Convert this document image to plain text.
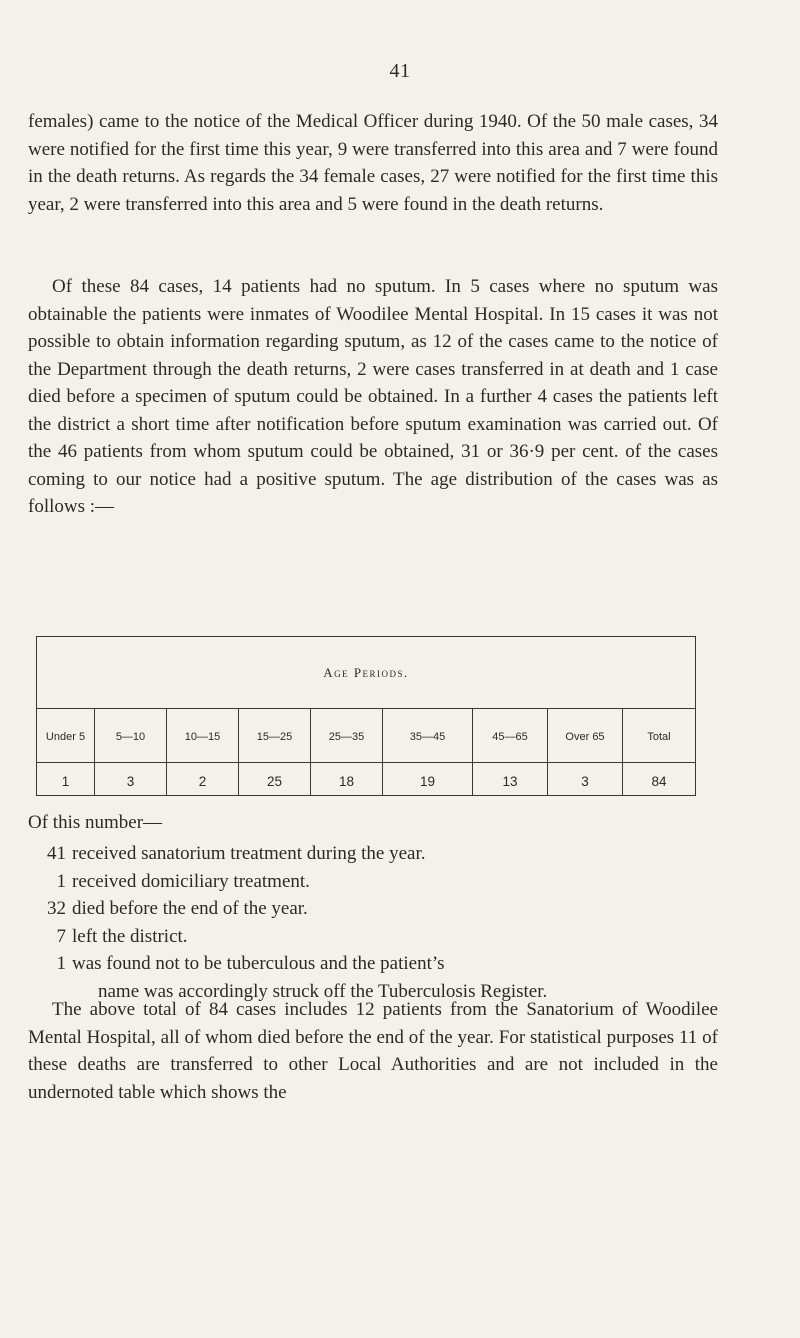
41

females) came to the notice of the Medical Officer during 1940. Of the 50 male cases, 34 were notified for the first time this year, 9 were transferred into this area and 7 were found in the death returns. As regards the 34 female cases, 27 were notified for the first time this year, 2 were transferred into this area and 5 were found in the death returns.

Of these 84 cases, 14 patients had no sputum. In 5 cases where no sputum was obtainable the patients were inmates of Woodilee Mental Hospital. In 15 cases it was not possible to obtain information regarding sputum, as 12 of the cases came to the notice of the Department through the death returns, 2 were cases transferred in at death and 1 case died before a specimen of sputum could be obtained. In a further 4 cases the patients left the district a short time after notification before sputum examination was carried out. Of the 46 patients from whom sputum could be obtained, 31 or 36·9 per cent. of the cases coming to our notice had a positive sputum. The age distribution of the cases was as follows :—

Age Periods.
Under 5	5—10	10—15	15—25	25—35	35—45	45—65	Over 65	Total
1	3	2	25	18	19	13	3	84

Of this number—

41 received sanatorium treatment during the year.
1 received domiciliary treatment.
32 died before the end of the year.
7 left the district.
1 was found not to be tuberculous and the patient’s
name was accordingly struck off the Tuberculosis Register.

The above total of 84 cases includes 12 patients from the Sanatorium of Woodilee Mental Hospital, all of whom died before the end of the year. For statistical purposes 11 of these deaths are transferred to other Local Authorities and are not included in the undernoted table which shows the
